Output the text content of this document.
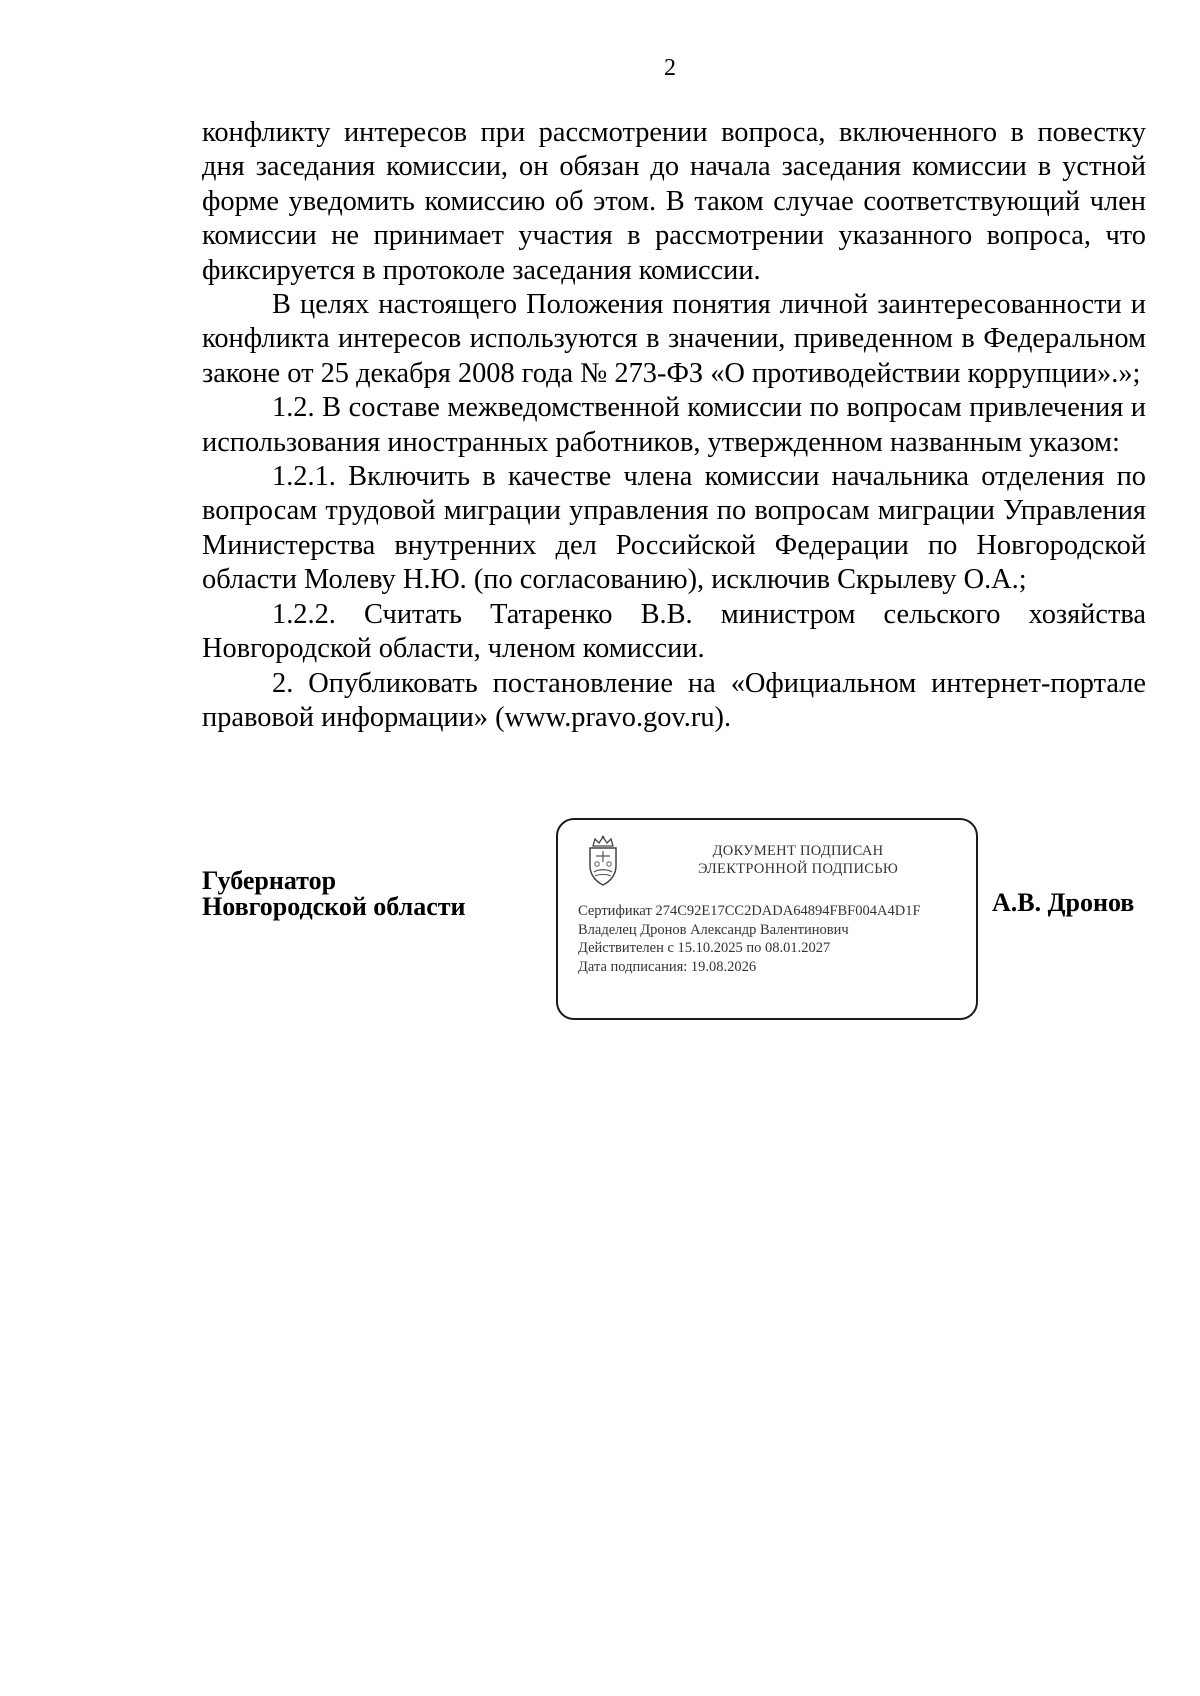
2

конфликту интересов при рассмотрении вопроса, включенного в повестку дня заседания комиссии, он обязан до начала заседания комиссии в устной форме уведомить комиссию об этом. В таком случае соответствующий член комиссии не принимает участия в рассмотрении указанного вопроса, что фиксируется в протоколе заседания комиссии.

В целях настоящего Положения понятия личной заинтересованности и конфликта интересов используются в значении, приведенном в Федеральном законе от 25 декабря 2008 года № 273-ФЗ «О противодействии коррупции».»;

1.2. В составе межведомственной комиссии по вопросам привлечения и использования иностранных работников, утвержденном названным указом:

1.2.1. Включить в качестве члена комиссии начальника отделения по вопросам трудовой миграции управления по вопросам миграции Управления Министерства внутренних дел Российской Федерации по Новгородской области Молеву Н.Ю. (по согласованию), исключив Скрылеву О.А.;

1.2.2. Считать Татаренко В.В. министром сельского хозяйства Новгородской области, членом комиссии.

2. Опубликовать постановление на «Официальном интернет-портале правовой информации» (www.pravo.gov.ru).

Губернатор
Новгородской области
ДОКУМЕНТ ПОДПИСАН
ЭЛЕКТРОННОЙ ПОДПИСЬЮ
Сертификат 274C92E17CC2DADA64894FBF004A4D1F
Владелец Дронов Александр Валентинович
Действителен с 15.10.2025 по 08.01.2027
Дата подписания: 19.08.2026
А.В. Дронов
